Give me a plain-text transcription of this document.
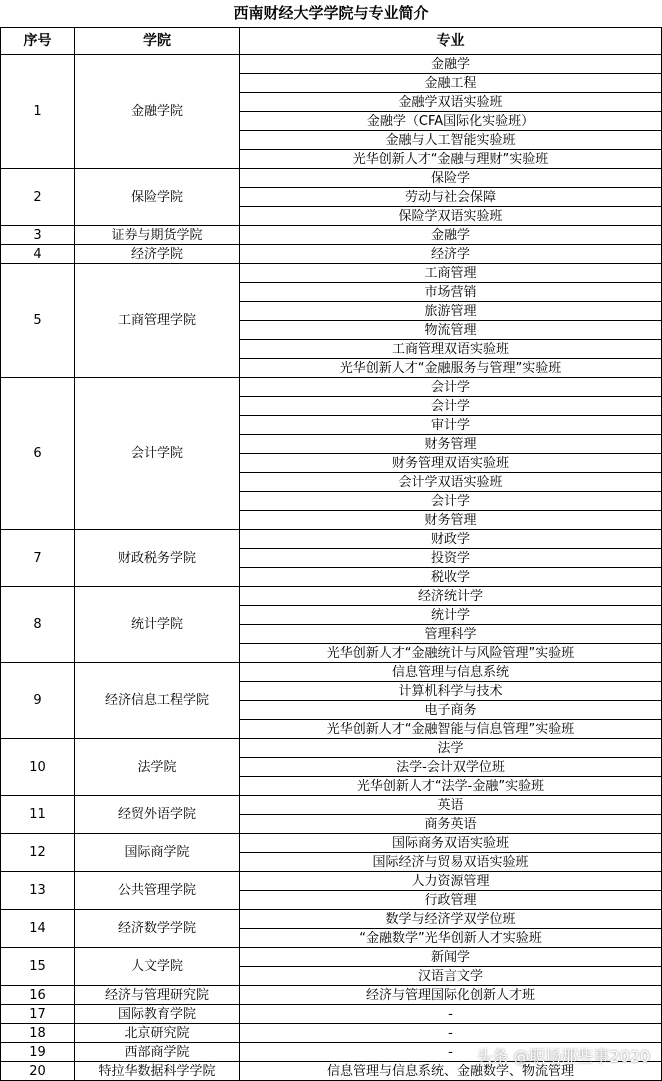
西南财经大学学院与专业简介		
序号	学院	专业
1	金融学院	金融学
		金融工程
		金融学双语实验班
		金融学（CFA国际化实验班）
		金融与人工智能实验班
		光华创新人才“金融与理财”实验班
2	保险学院	保险学
		劳动与社会保障
		保险学双语实验班
3	证券与期货学院	金融学
4	经济学院	经济学
5	工商管理学院	工商管理
		市场营销
		旅游管理
		物流管理
		工商管理双语实验班
		光华创新人才“金融服务与管理”实验班
6	会计学院	会计学
		会计学
		审计学
		财务管理
		财务管理双语实验班
		会计学双语实验班
		会计学
		财务管理
7	财政税务学院	财政学
		投资学
		税收学
8	统计学院	经济统计学
		统计学
		管理科学
		光华创新人才“金融统计与风险管理”实验班
9	经济信息工程学院	信息管理与信息系统
		计算机科学与技术
		电子商务
		光华创新人才“金融智能与信息管理”实验班
10	法学院	法学
		法学-会计双学位班
		光华创新人才“法学-金融”实验班
11	经贸外语学院	英语
		商务英语
12	国际商学院	国际商务双语实验班
		国际经济与贸易双语实验班
13	公共管理学院	人力资源管理
		行政管理
14	经济数学学院	数学与经济学双学位班
		“金融数学”光华创新人才实验班
15	人文学院	新闻学
		汉语言文学
16	经济与管理研究院	经济与管理国际化创新人才班
17	国际教育学院	-
18	北京研究院	-
19	西部商学院	-
20	特拉华数据科学学院	信息管理与信息系统、金融数学、物流管理
头条 @职场那些事2020
